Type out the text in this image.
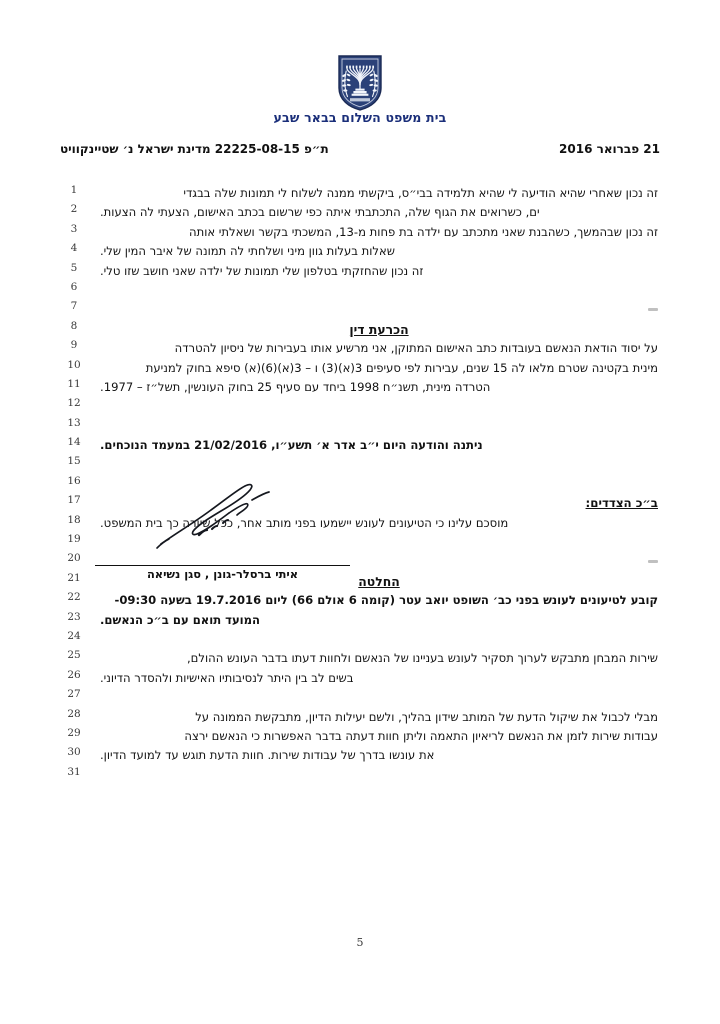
בית משפט השלום בבאר שבע
ת״פ 22225-08-15 מדינת ישראל נ׳ שטיינקוויט	21 פברואר 2016
1	זה נכון שאחרי שהיא הודיעה לי שהיא תלמידה בבי״ס, ביקשתי ממנה לשלוח לי תמונות שלה בבגדי
2	ים, כשרואים את הגוף שלה, התכתבתי איתה כפי שרשום בכתב האישום, הצעתי לה הצעות.
3	זה נכון שבהמשך, כשהבנת שאני מתכתב עם ילדה בת פחות מ-13, המשכתי בקשר ושאלתי אותה
4	שאלות בעלות גוון מיני ושלחתי לה תמונה של איבר המין שלי.
5	זה נכון שהחזקתי בטלפון שלי תמונות של ילדה שאני חושב שזו טלי.
6
7
8	הכרעת דין
9	על יסוד הודאת הנאשם בעובדות כתב האישום המתוקן, אני מרשיע אותו בעבירות של ניסיון להטרדה
10	מינית בקטינה שטרם מלאו לה 15 שנים, עבירות לפי סעיפים 3(א)(3) ו – 3(א)(6)(א) סיפא בחוק למניעת
11	הטרדה מינית, תשנ״ח 1998 ביחד עם סעיף 25 בחוק העונשין, תשל״ז – 1977.
12
13
14	ניתנה והודעה היום י״ב אדר א׳ תשע״ו, 21/02/2016 במעמד הנוכחים.
15
16
17	ב״כ הצדדים:
18	מוסכם עלינו כי הטיעונים לעונש יישמעו בפני מותב אחר, ככל שיורה כך בית המשפט.
19
20
21	החלטה
22	קובע לטיעונים לעונש בפני כב׳ השופט יואב עטר (קומה 6 אולם 66) ליום 19.7.2016 בשעה 09:30-
23	המועד תואם עם ב״כ הנאשם.
24
25	שירות המבחן מתבקש לערוך תסקיר לעונש בעניינו של הנאשם ולחוות דעתו בדבר העונש ההולם,
26	בשים לב בין היתר לנסיבותיו האישיות ולהסדר הדיוני.
27
28	מבלי לכבול את שיקול הדעת של המותב שידון בהליך, ולשם יעילות הדיון, מתבקשת הממונה על
29	עבודות שירות לזמן את הנאשם לריאיון התאמה וליתן חוות דעתה בדבר האפשרות כי הנאשם ירצה
30	את עונשו בדרך של עבודות שירות. חוות הדעת תוגש עד למועד הדיון.
31
איתי ברסלר-גונן , סגן נשיאה
5
